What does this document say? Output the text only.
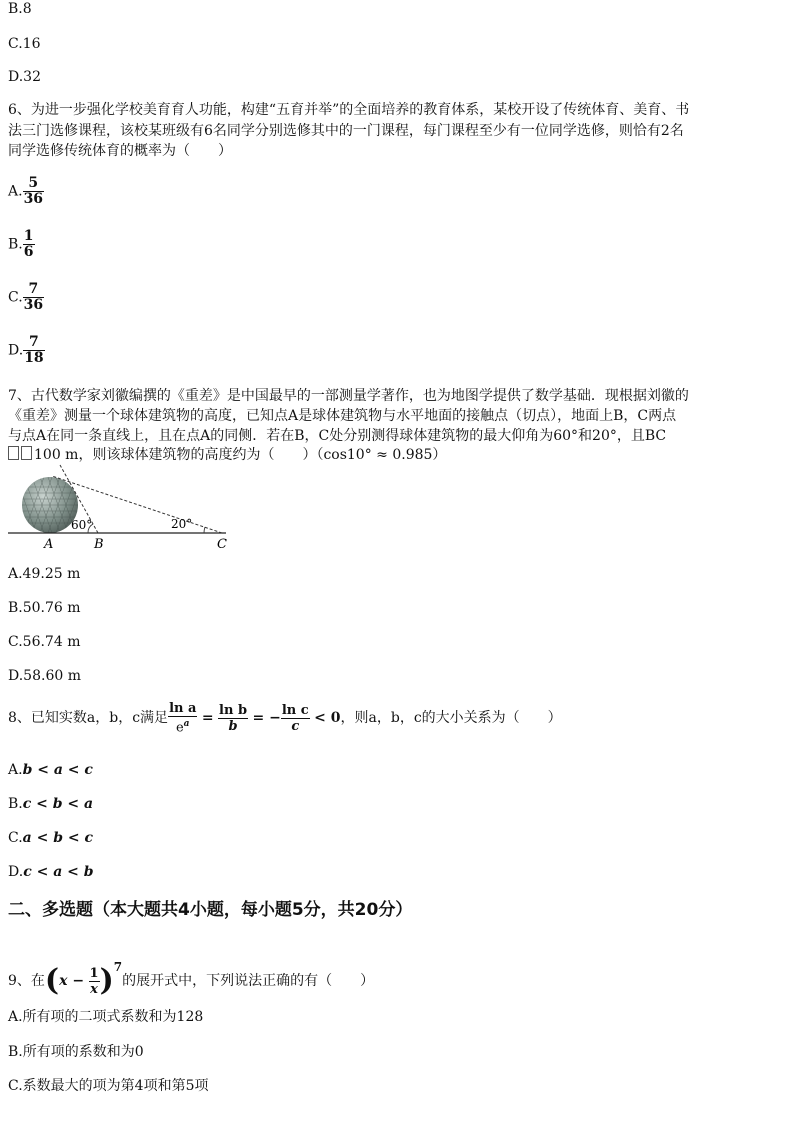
B.8
C.16
D.32
6、为进一步强化学校美育育人功能，构建“五育并举”的全面培养的教育体系，某校开设了传统体育、美育、书
法三门选修课程，该校某班级有6名同学分别选修其中的一门课程，每门课程至少有一位同学选修，则恰有2名
同学选修传统体育的概率为（　　）
A. $\frac{5}{36}$
B. $\frac{1}{6}$
C. $\frac{7}{36}$
D. $\frac{7}{18}$
7、古代数学家刘徽编撰的《重差》是中国最早的一部测量学著作，也为地图学提供了数学基础．现根据刘徽的
《重差》测量一个球体建筑物的高度，已知点A是球体建筑物与水平地面的接触点（切点），地面上B，C两点
与点A在同一条直线上，且在点A的同侧．若在B，C处分别测得球体建筑物的最大仰角为60°和20°，且BC
100 m，则该球体建筑物的高度约为（　　）（cos10° ≈ 0.985）
60°	20°
A	B	C
A.49.25 m
B.50.76 m
C.56.74 m
D.58.60 m
8、已知实数a，b，c满足 $\frac{\text{ln a}}{e^a} = \frac{\text{ln b}}{b}$ = − $\frac{\text{ln c}}{c} < 0$，则a，b，c的大小关系为（　　）
A.b < a < c
B.c < b < a
C.a < b < c
D.c < a < b
二、多选题（本大题共4小题，每小题5分，共20分）
9、在$(x - \frac{1}{x} )^7$的展开式中，下列说法正确的有（　　）
A.所有项的二项式系数和为128
B.所有项的系数和为0
C.系数最大的项为第4项和第5项
